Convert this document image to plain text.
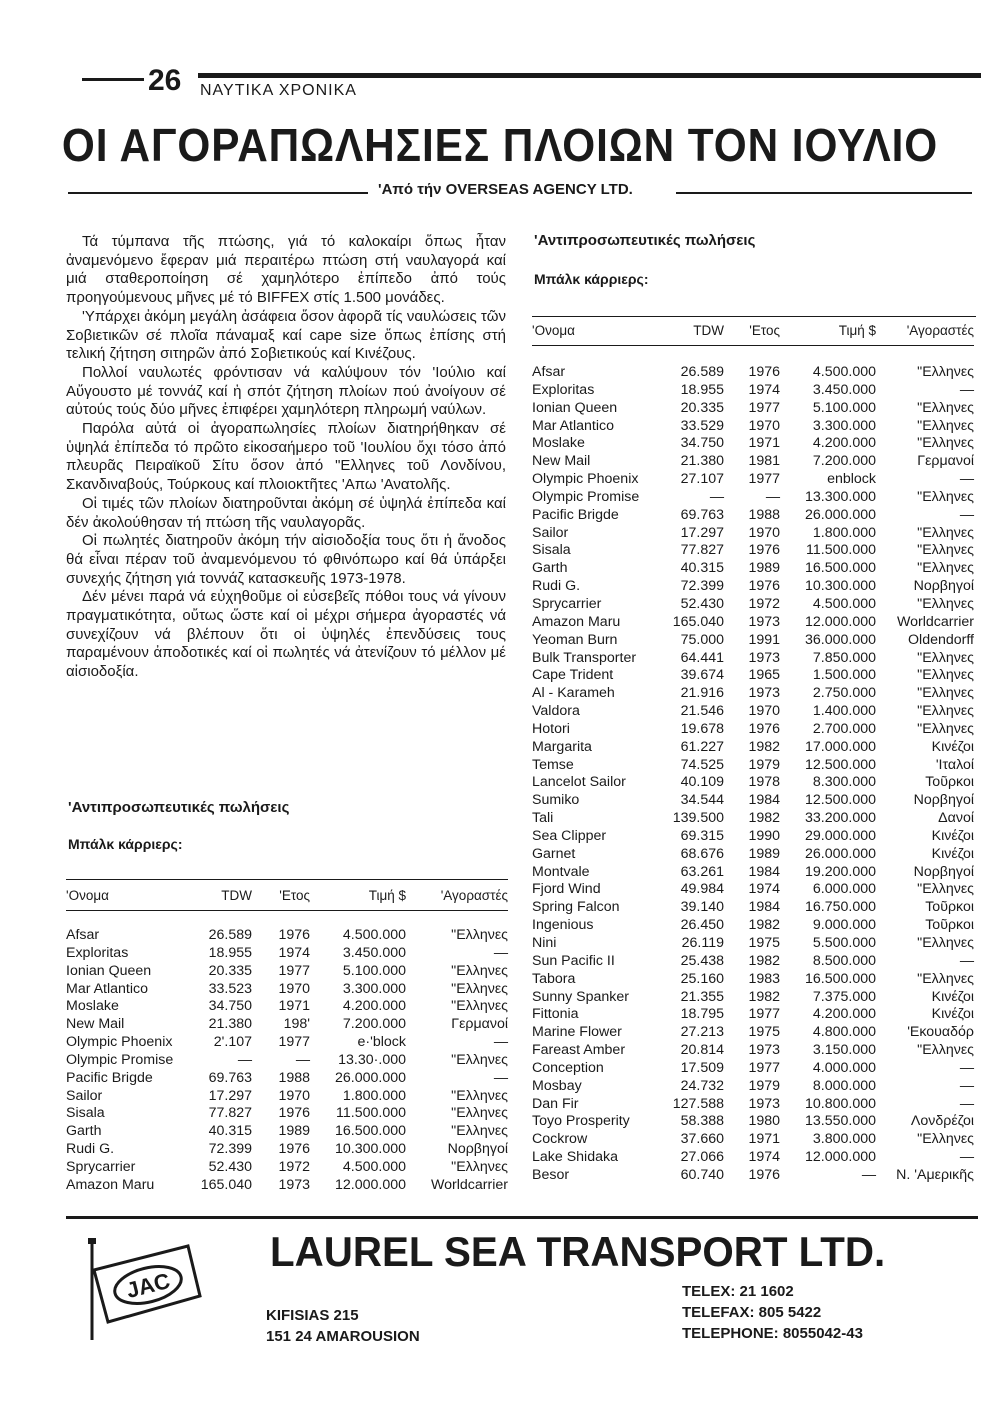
26 ΝΑΥΤΙΚΑ ΧΡΟΝΙΚΑ
ΟΙ ΑΓΟΡΑΠΩΛΗΣΙΕΣ ΠΛΟΙΩΝ ΤΟΝ ΙΟΥΛΙΟ
'Από τήν OVERSEAS AGENCY LTD.

Τά τύμπανα τῆς πτώσης, γιά τό καλοκαίρι ὅπως ἦταν ἀναμενόμενο ἔφεραν μιά περαιτέρω πτώση στή ναυλαγορά καί μιά σταθεροποίηση σέ χαμηλότερο ἐπίπεδο ἀπό τούς προηγούμενους μῆνες μέ τό BIFFEX στίς 1.500 μονάδες.

'Υπάρχει ἀκόμη μεγάλη ἀσάφεια ὅσον ἀφορᾶ τίς ναυλώσεις τῶν Σοβιετικῶν σέ πλοῖα πάναμαξ καί cape size ὅπως ἐπίσης στή τελική ζήτηση σιτηρῶν ἀπό Σοβιετικούς καί Κινέζους.

Πολλοί ναυλωτές φρόντισαν νά καλύψουν τόν 'Ιούλιο καί Αὔγουστο μέ τοννάζ καί ἡ σπότ ζήτηση πλοίων πού ἀνοίγουν σέ αὐτούς τούς δύο μῆνες ἐπιφέρει χαμηλότερη πληρωμή ναύλων.

Παρόλα αὐτά οἱ ἀγοραπωλησίες πλοίων διατηρήθηκαν σέ ὑψηλά ἐπίπεδα τό πρῶτο εἰκοσαήμερο τοῦ 'Ιουλίου ὄχι τόσο ἀπό πλευρᾶς Πειραϊκοῦ Σίτυ ὅσον ἀπό "Ελληνες τοῦ Λονδίνου, Σκανδιναβούς, Τούρκους καί πλοιοκτῆτες 'Απω 'Ανατολῆς.

Οἱ τιμές τῶν πλοίων διατηροῦνται ἀκόμη σέ ὑψηλά ἐπίπεδα καί δέν ἀκολούθησαν τή πτώση τῆς ναυλαγορᾶς.

Οἱ πωλητές διατηροῦν ἀκόμη τήν αἰσιοδοξία τους ὅτι ἡ ἄνοδος θά εἶναι πέραν τοῦ ἀναμενόμενου τό φθινόπωρο καί θά ὑπάρξει συνεχής ζήτηση γιά τοννάζ κατασκευῆς 1973-1978.

Δέν μένει παρά νά εὐχηθοῦμε οἱ εὐσεβεῖς πόθοι τους νά γίνουν πραγματικότητα, οὔτως ὥστε καί οἱ μέχρι σήμερα ἀγοραστές νά συνεχίζουν νά βλέπουν ὅτι οἱ ὑψηλές ἐπενδύσεις τους παραμένουν ἀποδοτικές καί οἱ πωλητές νά ἀτενίζουν τό μέλλον μέ αἰσιοδοξία.

'Αντιπροσωπευτικές πωλήσεις
Μπάλκ κάρριερς:
'Ονομα	TDW	'Ετος	Τιμή $	'Αγοραστές

Afsar	26.589	1976	4.500.000	"Ελληνες
Exploritas	18.955	1974	3.450.000	—
Ionian Queen	20.335	1977	5.100.000	"Ελληνες
Mar Atlantico	33.52͏3	1970	3.300.000	"Ελληνες
Moslake	34.750	1971	4.200.000	"Ελληνες
New Mail	21.380	198'	7.200.000	Γερμανοί
Olympic Phoenix	2'.107	1977	e·'block	—
Olympic Promise	—	—	13.30·.000	"Ελληνες
Pacific Brigde	69.763	1988	26.000.000	—
Sailor	17.297	1970	1.800.000	"Ελληνες
Sisala	77.827	1976	11.500.000	"Ελληνες
Garth	40.315	1989	16.500.000	"Ελληνες
Rudi G.	72.399	1976	10.300.000	Νορβηγοί
Sprycarrier	52.430	1972	4.500.000	"Ελληνες
Amazon Maru	165.040	1973	12.000.000	Worldcarrier
'Αντιπροσωπευτικές πωλήσεις
Μπάλκ κάρριερς:
'Ονομα	TDW	'Ετος	Τιμή $	'Αγοραστές

Afsar	26.589	1976	4.500.000	"Ελληνες
Exploritas	18.955	1974	3.450.000	—
Ionian Queen	20.335	1977	5.100.000	"Ελληνες
Mar Atlantico	33.529	1970	3.300.000	"Ελληνες
Moslake	34.750	1971	4.200.000	"Ελληνες
New Mail	21.380	1981	7.200.000	Γερμανοί
Olympic Phoenix	27.107	1977	enblock	—
Olympic Promise	—	—	13.300.000	"Ελληνες
Pacific Brigde	69.763	1988	26.000.000	—
Sailor	17.297	1970	1.800.000	"Ελληνες
Sisala	77.827	1976	11.500.000	"Ελληνες
Garth	40.315	1989	16.500.000	"Ελληνες
Rudi G.	72.399	1976	10.300.000	Νορβηγοί
Sprycarrier	52.430	1972	4.500.000	"Ελληνες
Amazon Maru	165.040	1973	12.000.000	Worldcarrier
Yeoman Burn	75.000	1991	36.000.000	Oldendorff
Bulk Transporter	64.441	1973	7.850.000	"Ελληνες
Cape Trident	39.674	1965	1.500.000	"Ελληνες
Al - Karameh	21.916	1973	2.750.000	"Ελληνες
Valdora	21.546	1970	1.400.000	"Ελληνες
Hotori	19.678	1976	2.700.000	"Ελληνες
Margarita	61.227	1982	17.000.000	Κινέζοι
Temse	74.525	1979	12.500.000	'Ιταλοί
Lancelot Sailor	40.109	1978	8.300.000	Τοῦρκοι
Sumiko	34.544	1984	12.500.000	Νορβηγοί
Tali	139.500	1982	33.200.000	Δανοί
Sea Clipper	69.315	1990	29.000.000	Κινέζοι
Garnet	68.676	1989	26.000.000	Κινέζοι
Montvale	63.261	1984	19.200.000	Νορβηγοί
Fjord Wind	49.984	1974	6.000.000	"Ελληνες
Spring Falcon	39.140	1984	16.750.000	Τοῦρκοι
Ingenious	26.450	1982	9.000.000	Τοῦρκοι
Nini	26.119	1975	5.500.000	"Ελληνες
Sun Pacific II	25.438	1982	8.500.000	—
Tabora	25.160	1983	16.500.000	"Ελληνες
Sunny Spanker	21.355	1982	7.375.000	Κινέζοι
Fittonia	18.795	1977	4.200.000	Κινέζοι
Marine Flower	27.213	1975	4.800.000	'Εκουαδόρ
Fareast Amber	20.814	1973	3.150.000	"Ελληνες
Conception	17.509	1977	4.000.000	—
Mosbay	24.732	1979	8.000.000	—
Dan Fir	127.588	1973	10.800.000	—
Toyo Prosperity	58.388	1980	13.550.000	Λονδρέζοι
Cockrow	37.660	1971	3.800.000	"Ελληνες
Lake Shidaka	27.066	1974	12.000.000	—
Besor	60.740	1976	—	Ν. 'Αμερικῆς
JAC
LAUREL SEA TRANSPORT LTD.
KIFISIAS 215
151 24 AMAROUSION
TELEX: 21 1602
TELEFAX: 805 5422
TELEPHONE: 8055042-43
